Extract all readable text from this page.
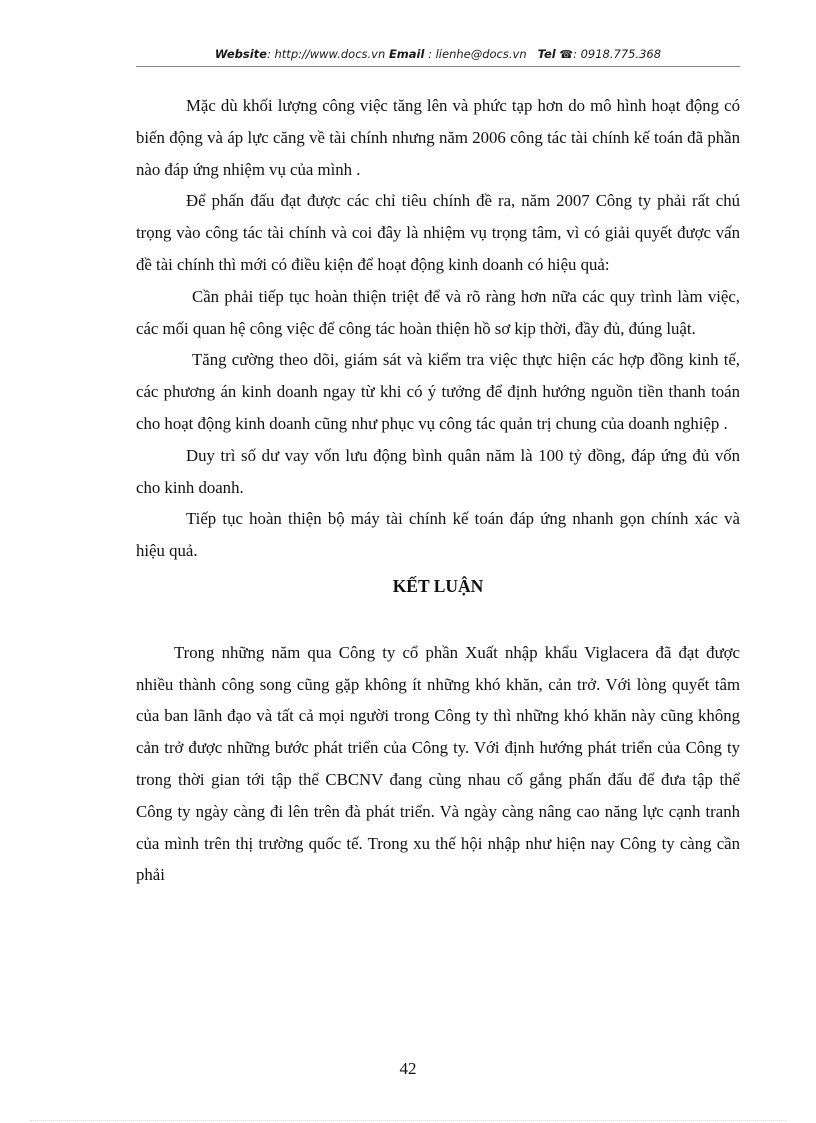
Website: http://www.docs.vn Email : lienhe@docs.vn Tel ☎: 0918.775.368

Mặc dù khối lượng công việc tăng lên và phức tạp hơn do mô hình hoạt động có biến động và áp lực căng về tài chính nhưng năm 2006 công tác tài chính kế toán đã phần nào đáp ứng nhiệm vụ của mình .

Để phấn đấu đạt được các chỉ tiêu chính đề ra, năm 2007 Công ty phải rất chú trọng vào công tác tài chính và coi đây là nhiệm vụ trọng tâm, vì có giải quyết được vấn đề tài chính thì mới có điều kiện để hoạt động kinh doanh có hiệu quả:

Cần phải tiếp tục hoàn thiện triệt để và rõ ràng hơn nữa các quy trình làm việc, các mối quan hệ công việc để công tác hoàn thiện hồ sơ kịp thời, đầy đủ, đúng luật.

Tăng cường theo dõi, giám sát và kiểm tra việc thực hiện các hợp đồng kinh tế, các phương án kinh doanh ngay từ khi có ý tưởng để định hướng nguồn tiền thanh toán cho hoạt động kinh doanh cũng như phục vụ công tác quản trị chung của doanh nghiệp .

Duy trì số dư vay vốn lưu động bình quân năm là 100 tỷ đồng, đáp ứng đủ vốn cho kinh doanh.

Tiếp tục hoàn thiện bộ máy tài chính kế toán đáp ứng nhanh gọn chính xác và hiệu quả.

KẾT LUẬN

Trong những năm qua Công ty cổ phần Xuất nhập khẩu Viglacera đã đạt được nhiều thành công song cũng gặp không ít những khó khăn, cản trở. Với lòng quyết tâm của ban lãnh đạo và tất cả mọi người trong Công ty thì những khó khăn này cũng không cản trở được những bước phát triển của Công ty. Với định hướng phát triển của Công ty trong thời gian tới tập thể CBCNV đang cùng nhau cố gắng phấn đấu để đưa tập thể Công ty ngày càng đi lên trên đà phát triển. Và ngày càng nâng cao năng lực cạnh tranh của mình trên thị trường quốc tế. Trong xu thế hội nhập như hiện nay Công ty càng cần phải

42
